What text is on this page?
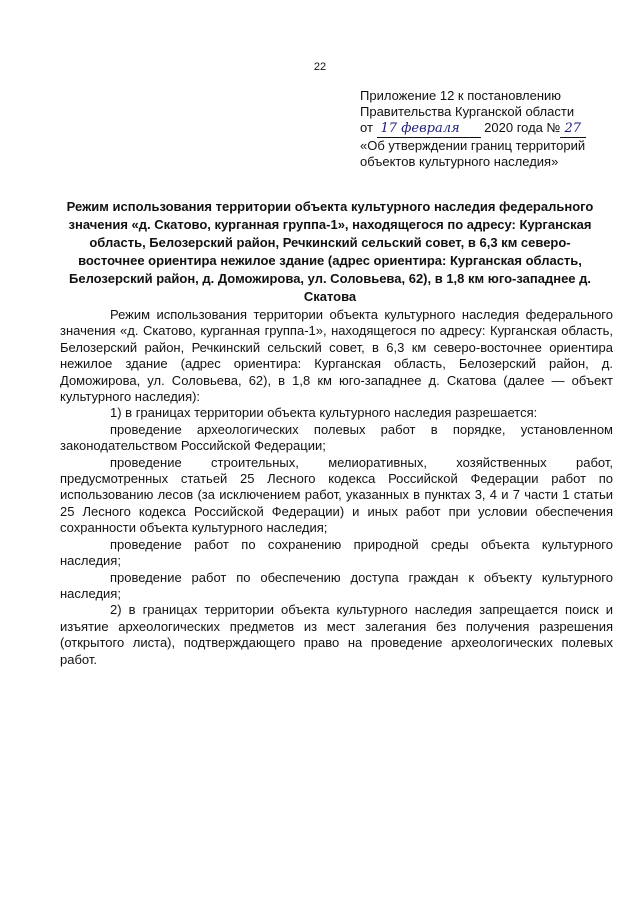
22
Приложение 12 к постановлению
Правительства Курганской области
от 17 февраля 2020 года № 27
«Об утверждении границ территорий
объектов культурного наследия»
Режим использования территории объекта культурного наследия федерального значения «д. Скатово, курганная группа-1», находящегося по адресу: Курганская область, Белозерский район, Речкинский сельский совет, в 6,3 км северо-восточнее ориентира нежилое здание (адрес ориентира: Курганская область, Белозерский район, д. Доможирова, ул. Соловьева, 62), в 1,8 км юго-западнее д. Скатова

Режим использования территории объекта культурного наследия федерального значения «д. Скатово, курганная группа-1», находящегося по адресу: Курганская область, Белозерский район, Речкинский сельский совет, в 6,3 км северо-восточнее ориентира нежилое здание (адрес ориентира: Курганская область, Белозерский район, д. Доможирова, ул. Соловьева, 62), в 1,8 км юго-западнее д. Скатова (далее — объект культурного наследия):

1) в границах территории объекта культурного наследия разрешается:

проведение археологических полевых работ в порядке, установленном законодательством Российской Федерации;

проведение строительных, мелиоративных, хозяйственных работ, предусмотренных статьей 25 Лесного кодекса Российской Федерации работ по использованию лесов (за исключением работ, указанных в пунктах 3, 4 и 7 части 1 статьи 25 Лесного кодекса Российской Федерации) и иных работ при условии обеспечения сохранности объекта культурного наследия;

проведение работ по сохранению природной среды объекта культурного наследия;

проведение работ по обеспечению доступа граждан к объекту культурного наследия;

2) в границах территории объекта культурного наследия запрещается поиск и изъятие археологических предметов из мест залегания без получения разрешения (открытого листа), подтверждающего право на проведение археологических полевых работ.
